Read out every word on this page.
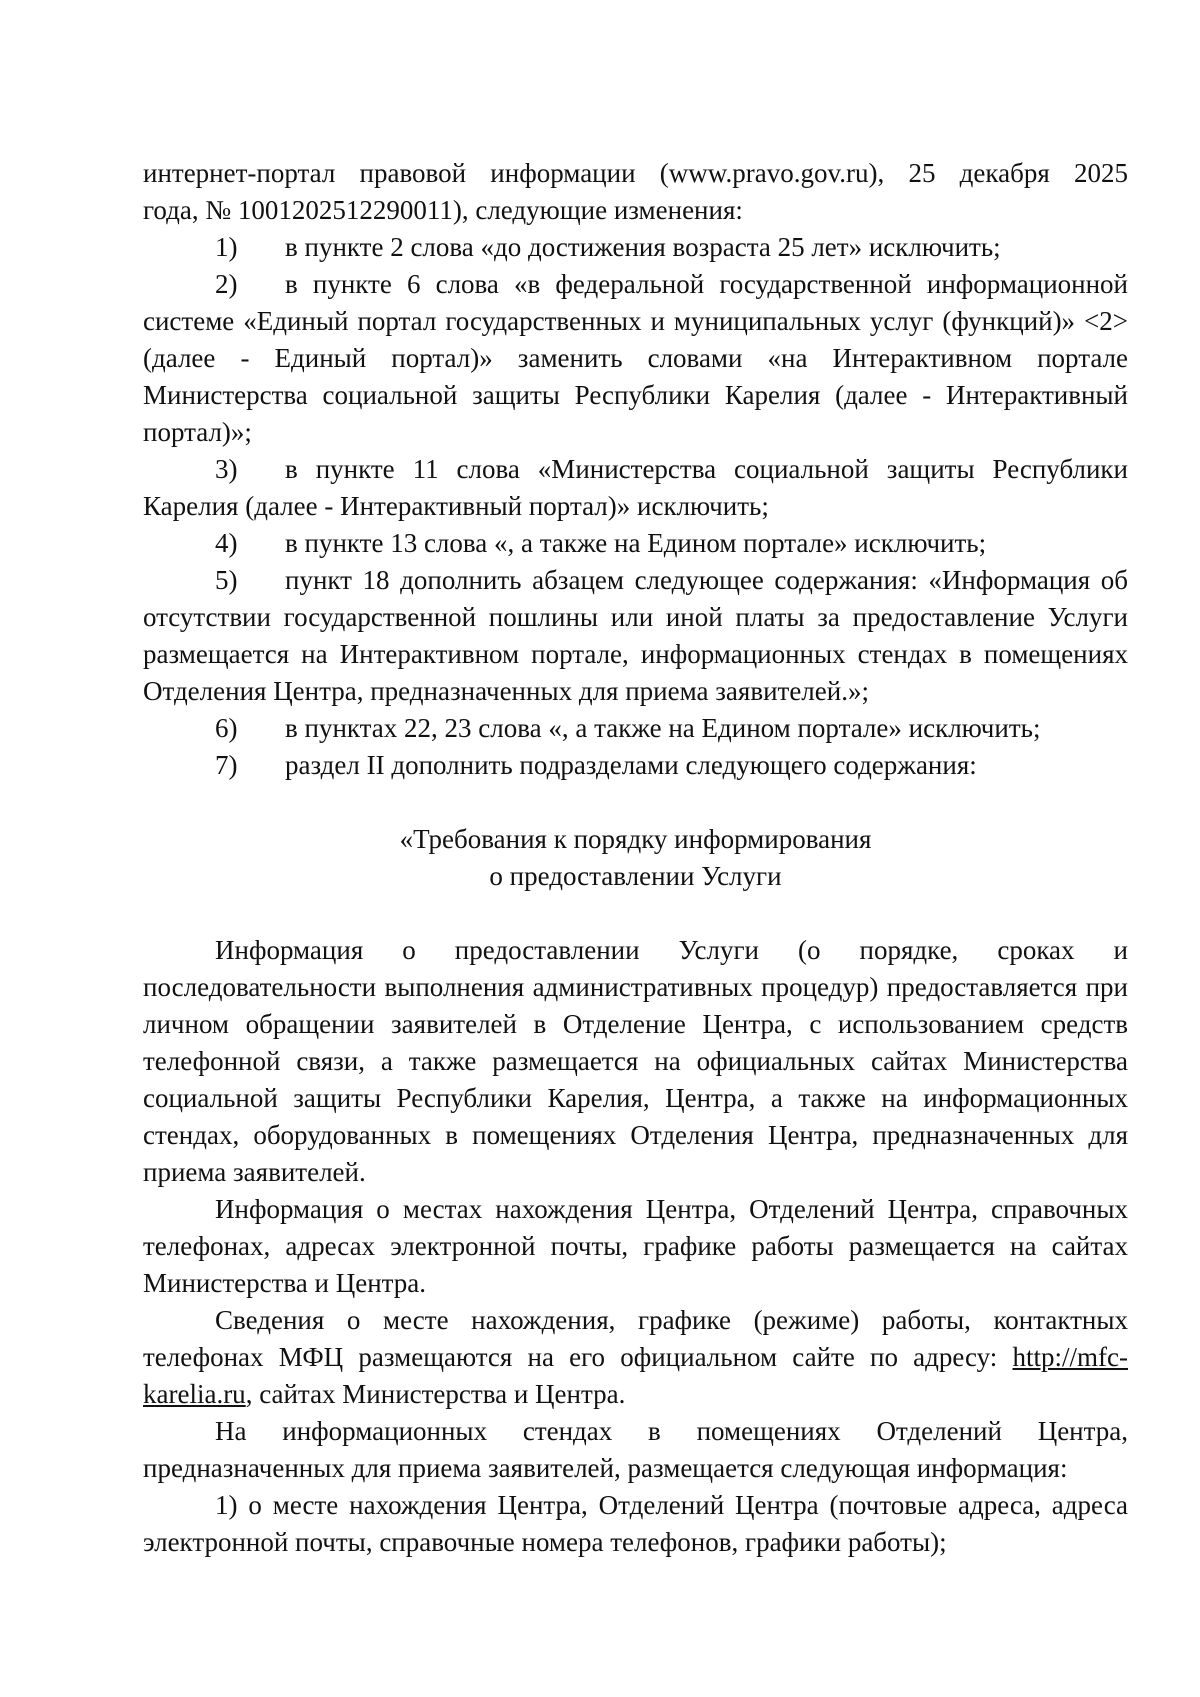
интернет-портал правовой информации (www.pravo.gov.ru), 25 декабря 2025

года, № 1001202512290011), следующие изменения:

1) в пункте 2 слова «до достижения возраста 25 лет» исключить;

2) в пункте 6 слова «в федеральной государственной информационной системе «Единый портал государственных и муниципальных услуг (функций)» <2> (далее - Единый портал)» заменить словами «на Интерактивном портале Министерства социальной защиты Республики Карелия (далее - Интерактивный портал)»;

3) в пункте 11 слова «Министерства социальной защиты Республики Карелия (далее - Интерактивный портал)» исключить;

4) в пункте 13 слова «, а также на Едином портале» исключить;

5) пункт 18 дополнить абзацем следующее содержания: «Информация об отсутствии государственной пошлины или иной платы за предоставление Услуги размещается на Интерактивном портале, информационных стендах в помещениях Отделения Центра, предназначенных для приема заявителей.»;

6) в пунктах 22, 23 слова «, а также на Едином портале» исключить;

7) раздел II дополнить подразделами следующего содержания:

«Требования к порядку информирования
о предоставлении Услуги

Информация о предоставлении Услуги (о порядке, сроках и последовательности выполнения административных процедур) предоставляется при личном обращении заявителей в Отделение Центра, с использованием средств телефонной связи, а также размещается на официальных сайтах Министерства социальной защиты Республики Карелия, Центра, а также на информационных стендах, оборудованных в помещениях Отделения Центра, предназначенных для приема заявителей.

Информация о местах нахождения Центра, Отделений Центра, справочных телефонах, адресах электронной почты, графике работы размещается на сайтах Министерства и Центра.

Сведения о месте нахождения, графике (режиме) работы, контактных телефонах МФЦ размещаются на его официальном сайте по адресу: http://mfc-karelia.ru, сайтах Министерства и Центра.

На информационных стендах в помещениях Отделений Центра, предназначенных для приема заявителей, размещается следующая информация:

1) о месте нахождения Центра, Отделений Центра (почтовые адреса, адреса электронной почты, справочные номера телефонов, графики работы);
